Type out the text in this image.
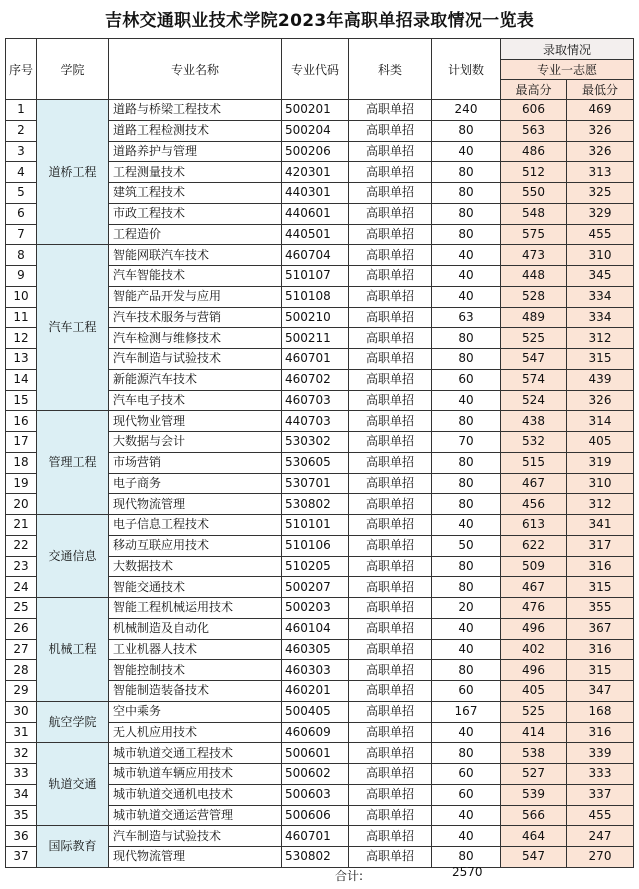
吉林交通职业技术学院2023年高职单招录取情况一览表
序号	学院	专业名称	专业代码	科类	计划数	录取情况	
						专业一志愿	
						最高分	最低分
1	道桥工程	道路与桥梁工程技术	500201	高职单招	240	606	469
2		道路工程检测技术	500204	高职单招	80	563	326
3		道路养护与管理	500206	高职单招	40	486	326
4		工程测量技术	420301	高职单招	80	512	313
5		建筑工程技术	440301	高职单招	80	550	325
6		市政工程技术	440601	高职单招	80	548	329
7		工程造价	440501	高职单招	80	575	455
8	汽车工程	智能网联汽车技术	460704	高职单招	40	473	310
9		汽车智能技术	510107	高职单招	40	448	345
10		智能产品开发与应用	510108	高职单招	40	528	334
11		汽车技术服务与营销	500210	高职单招	63	489	334
12		汽车检测与维修技术	500211	高职单招	80	525	312
13		汽车制造与试验技术	460701	高职单招	80	547	315
14		新能源汽车技术	460702	高职单招	60	574	439
15		汽车电子技术	460703	高职单招	40	524	326
16	管理工程	现代物业管理	440703	高职单招	80	438	314
17		大数据与会计	530302	高职单招	70	532	405
18		市场营销	530605	高职单招	80	515	319
19		电子商务	530701	高职单招	80	467	310
20		现代物流管理	530802	高职单招	80	456	312
21	交通信息	电子信息工程技术	510101	高职单招	40	613	341
22		移动互联应用技术	510106	高职单招	50	622	317
23		大数据技术	510205	高职单招	80	509	316
24		智能交通技术	500207	高职单招	80	467	315
25	机械工程	智能工程机械运用技术	500203	高职单招	20	476	355
26		机械制造及自动化	460104	高职单招	40	496	367
27		工业机器人技术	460305	高职单招	40	402	316
28		智能控制技术	460303	高职单招	80	496	315
29		智能制造装备技术	460201	高职单招	60	405	347
30	航空学院	空中乘务	500405	高职单招	167	525	168
31		无人机应用技术	460609	高职单招	40	414	316
32	轨道交通	城市轨道交通工程技术	500601	高职单招	80	538	339
33		城市轨道车辆应用技术	500602	高职单招	60	527	333
34		城市轨道交通机电技术	500603	高职单招	60	539	337
35		城市轨道交通运营管理	500606	高职单招	40	566	455
36	国际教育	汽车制造与试验技术	460701	高职单招	40	464	247
37		现代物流管理	530802	高职单招	80	547	270
合计:	2570
